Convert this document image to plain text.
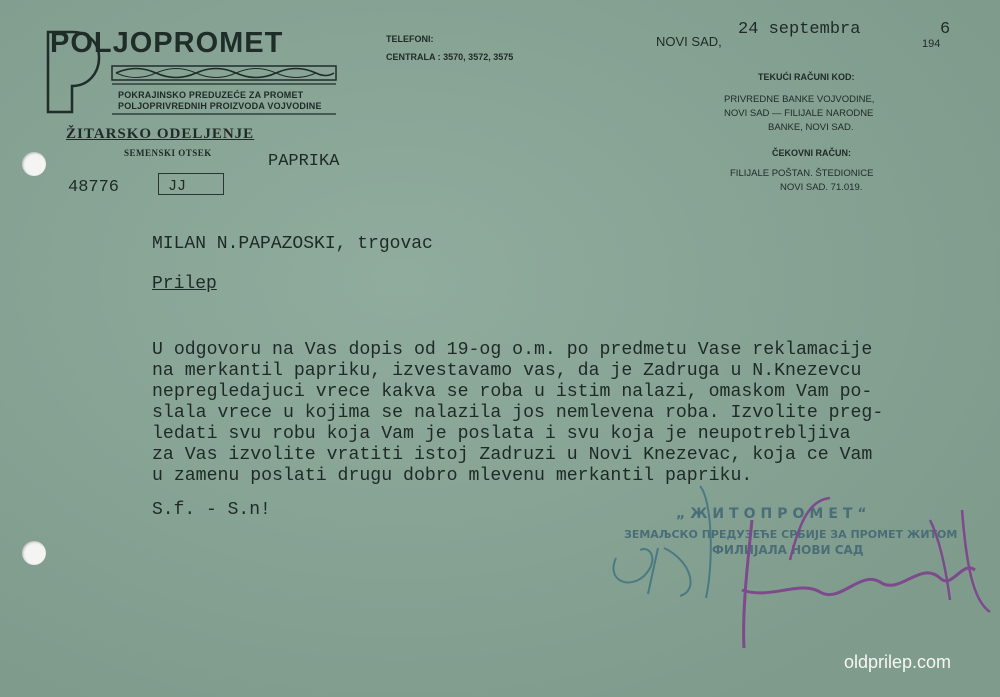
POLJOPROMET
POKRAJINSKO PREDUZEĆE ZA PROMET
POLJOPRIVREDNIH PROIZVODA VOJVODINE
ŽITARSKO ODELJENJE
SEMENSKI OTSEK	PAPRIKA
TELEFONI:
CENTRALA : 3570, 3572, 3575
NOVI SAD,
24 septembra
194
6
TEKUĆI RAČUNI KOD:
PRIVREDNE BANKE VOJVODINE,
NOVI SAD — FILIJALE NARODNE
BANKE, NOVI SAD.
ČEKOVNI RAČUN:
FILIJALE POŠTAN. ŠTEDIONICE
NOVI SAD. 71.019.
48776	JJ
MILAN N.PAPAZOSKI, trgovac
Prilep
U odgovoru na Vas dopis od 19-og o.m. po predmetu Vase reklamacije
na merkantil papriku, izvestavamo vas, da je Zadruga u N.Knezevcu
nepregledajuci vrece kakva se roba u istim nalazi, omaskom Vam po-
slala vrece u kojima se nalazila jos nemlevena roba. Izvolite preg-
ledati svu robu koja Vam je poslata i svu koja je neupotrebljiva
za Vas izvolite vratiti istoj Zadruzi u Novi Knezevac, koja ce Vam
u zamenu poslati drugu dobro mlevenu merkantil papriku.
S.f. - S.n!	„ЖИТОПРОМЕТ“
ЗЕМАЉСКО ПРЕДУЗЕЋЕ СРБИЈЕ ЗА ПРОМЕТ ЖИТОМ
ФИЛИЈАЛА НОВИ САД
oldprilep.com
